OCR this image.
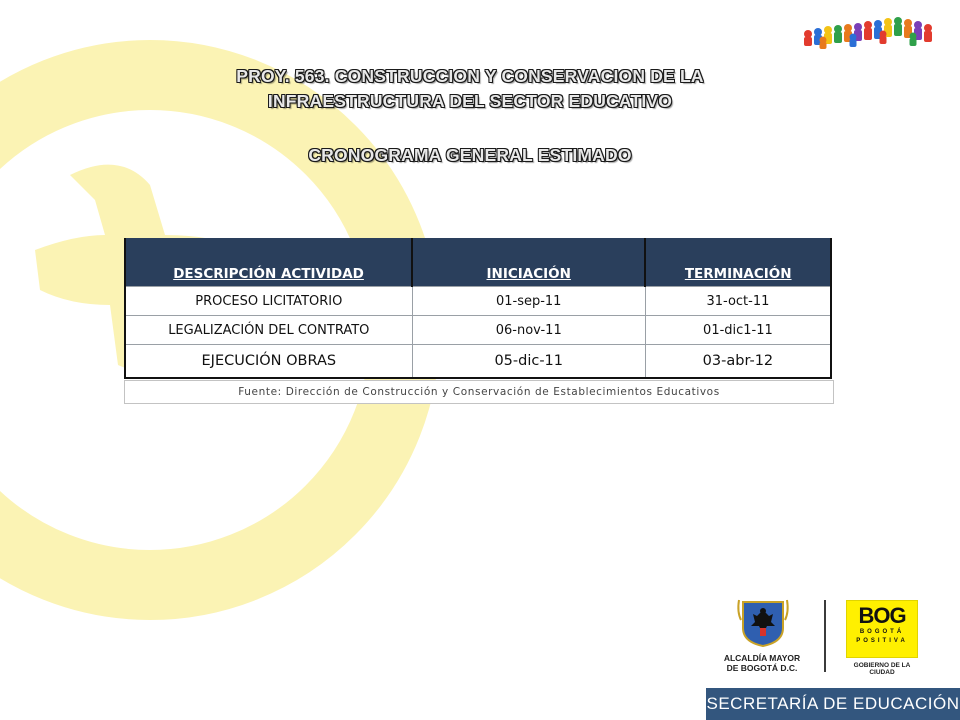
PROY. 563. CONSTRUCCION Y CONSERVACION DE LA
INFRAESTRUCTURA DEL SECTOR EDUCATIVO
CRONOGRAMA GENERAL ESTIMADO
DESCRIPCIÓN ACTIVIDAD	INICIACIÓN	TERMINACIÓN
PROCESO LICITATORIO	01-sep-11	31-oct-11
LEGALIZACIÓN DEL CONTRATO	06-nov-11	01-dic1-11
EJECUCIÓN OBRAS	05-dic-11	03-abr-12
Fuente: Dirección de Construcción y Conservación de Establecimientos Educativos
ALCALDÍA MAYOR
DE BOGOTÁ D.C.
BOG
BOGOTÁ
POSITIVA
GOBIERNO DE LA CIUDAD
SECRETARÍA DE EDUCACIÓN
